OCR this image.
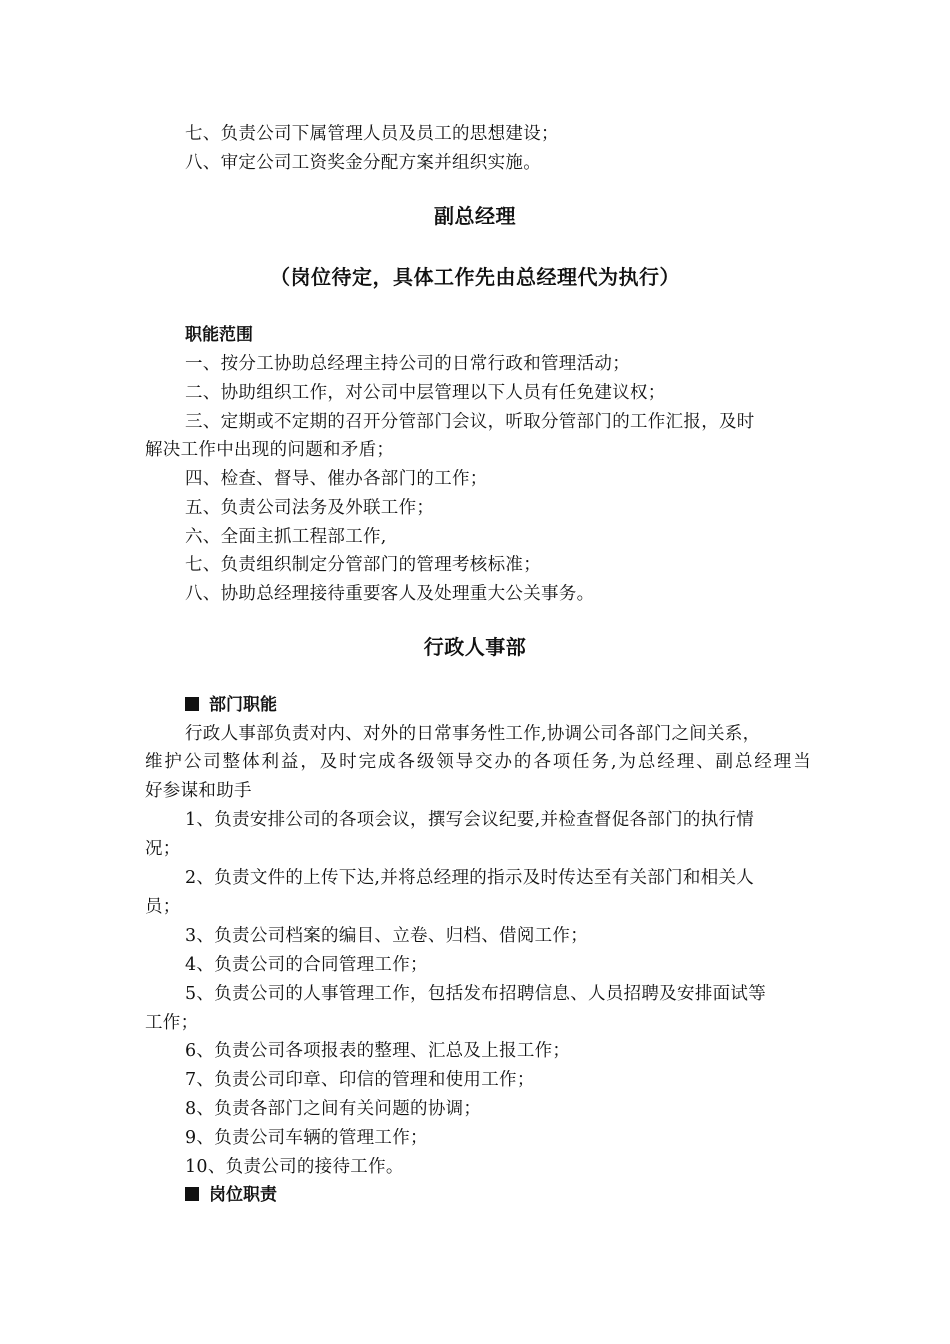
七、负责公司下属管理人员及员工的思想建设；
八、审定公司工资奖金分配方案并组织实施。
副总经理
（岗位待定，具体工作先由总经理代为执行）
职能范围
一、按分工协助总经理主持公司的日常行政和管理活动；
二、协助组织工作，对公司中层管理以下人员有任免建议权；
三、定期或不定期的召开分管部门会议，听取分管部门的工作汇报，及时
解决工作中出现的问题和矛盾；
四、检查、督导、催办各部门的工作；
五、负责公司法务及外联工作；
六、全面主抓工程部工作,
七、负责组织制定分管部门的管理考核标准；
八、协助总经理接待重要客人及处理重大公关事务。
行政人事部
部门职能
行政人事部负责对内、对外的日常事务性工作,协调公司各部门之间关系，
维护公司整体利益，及时完成各级领导交办的各项任务,为总经理、副总经理当
好参谋和助手
1、负责安排公司的各项会议，撰写会议纪要,并检查督促各部门的执行情
况；
2、负责文件的上传下达,并将总经理的指示及时传达至有关部门和相关人
员；
3、负责公司档案的编目、立卷、归档、借阅工作；
4、负责公司的合同管理工作；
5、负责公司的人事管理工作，包括发布招聘信息、人员招聘及安排面试等
工作；
6、负责公司各项报表的整理、汇总及上报工作；
7、负责公司印章、印信的管理和使用工作；
8、负责各部门之间有关问题的协调；
9、负责公司车辆的管理工作；
10、负责公司的接待工作。
岗位职责
